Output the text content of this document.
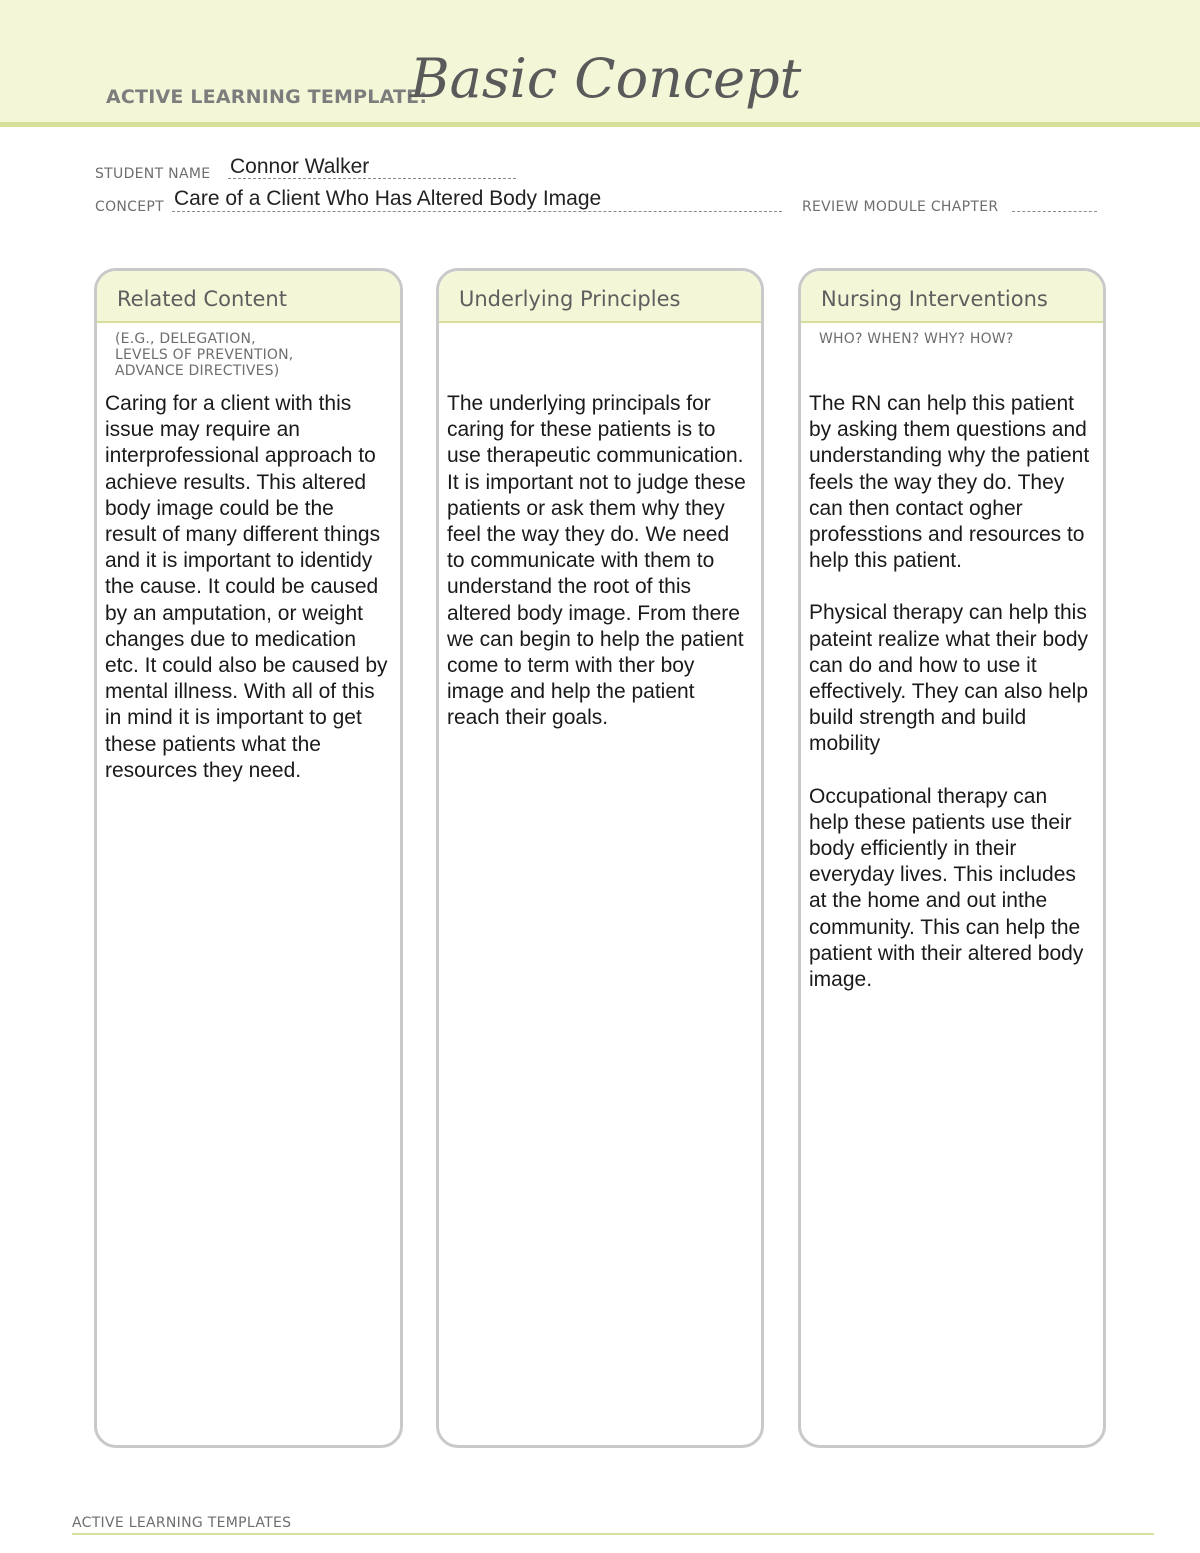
ACTIVE LEARNING TEMPLATE:
Basic Concept
STUDENT NAME Connor Walker
CONCEPT Care of a Client Who Has Altered Body Image	REVIEW MODULE CHAPTER
Related Content
(E.G., DELEGATION,
LEVELS OF PREVENTION,
ADVANCE DIRECTIVES)

Caring for a client with this issue may require an interprofessional approach to achieve results. This altered body image could be the result of many different things and it is important to identidy the cause. It could be caused by an amputation, or weight changes due to medication etc. It could also be caused by mental illness. With all of this in mind it is important to get these patients what the resources they need.

Underlying Principles

The underlying principals for caring for these patients is to use therapeutic communication. It is important not to judge these patients or ask them why they feel the way they do. We need to communicate with them to understand the root of this altered body image. From there we can begin to help the patient come to term with ther boy image and help the patient reach their goals.

Nursing Interventions
WHO? WHEN? WHY? HOW?

The RN can help this patient by asking them questions and understanding why the patient feels the way they do. They can then contact ogher professtions and resources to help this patient.

Physical therapy can help this pateint realize what their body can do and how to use it effectively. They can also help build strength and build mobility

Occupational therapy can help these patients use their body efficiently in their everyday lives. This includes at the home and out inthe community. This can help the patient with their altered body image.

ACTIVE LEARNING TEMPLATES
